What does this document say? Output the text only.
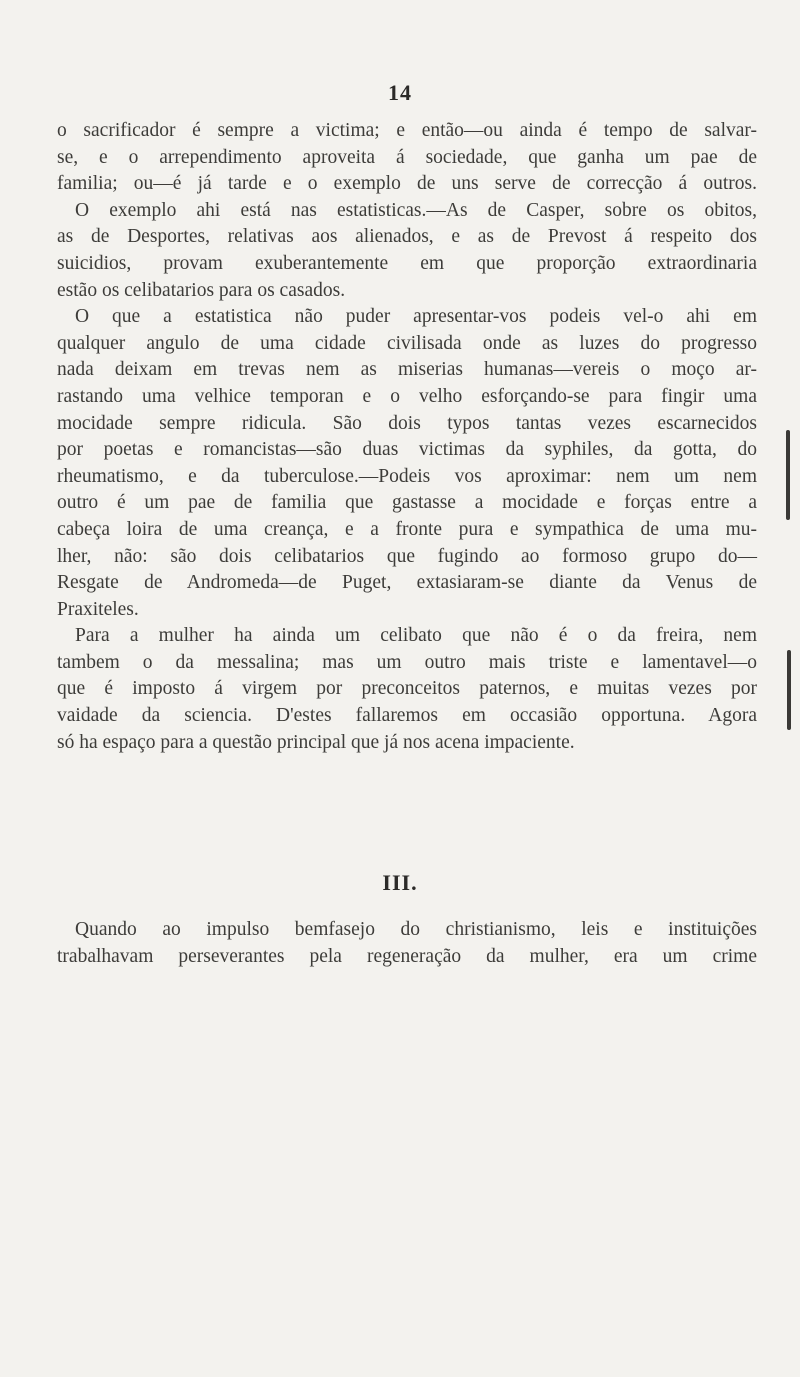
14
o sacrificador é sempre a victima; e então—ou ainda é tempo de salvar-
se, e o arrependimento aproveita á sociedade, que ganha um pae de
familia; ou—é já tarde e o exemplo de uns serve de correcção á outros.
O exemplo ahi está nas estatisticas.—As de Casper, sobre os obitos,
as de Desportes, relativas aos alienados, e as de Prevost á respeito dos
suicidios, provam exuberantemente em que proporção extraordinaria
estão os celibatarios para os casados.
O que a estatistica não puder apresentar-vos podeis vel-o ahi em
qualquer angulo de uma cidade civilisada onde as luzes do progresso
nada deixam em trevas nem as miserias humanas—vereis o moço ar-
rastando uma velhice temporan e o velho esforçando-se para fingir uma
mocidade sempre ridicula. São dois typos tantas vezes escarnecidos
por poetas e romancistas—são duas victimas da syphiles, da gotta, do
rheumatismo, e da tuberculose.—Podeis vos aproximar: nem um nem
outro é um pae de familia que gastasse a mocidade e forças entre a
cabeça loira de uma creança, e a fronte pura e sympathica de uma mu-
lher, não: são dois celibatarios que fugindo ao formoso grupo do—
Resgate de Andromeda—de Puget, extasiaram-se diante da Venus de
Praxiteles.
Para a mulher ha ainda um celibato que não é o da freira, nem
tambem o da messalina; mas um outro mais triste e lamentavel—o
que é imposto á virgem por preconceitos paternos, e muitas vezes por
vaidade da sciencia. D'estes fallaremos em occasião opportuna. Agora
só ha espaço para a questão principal que já nos acena impaciente.
III.
Quando ao impulso bemfasejo do christianismo, leis e instituições
trabalhavam perseverantes pela regeneração da mulher, era um crime
